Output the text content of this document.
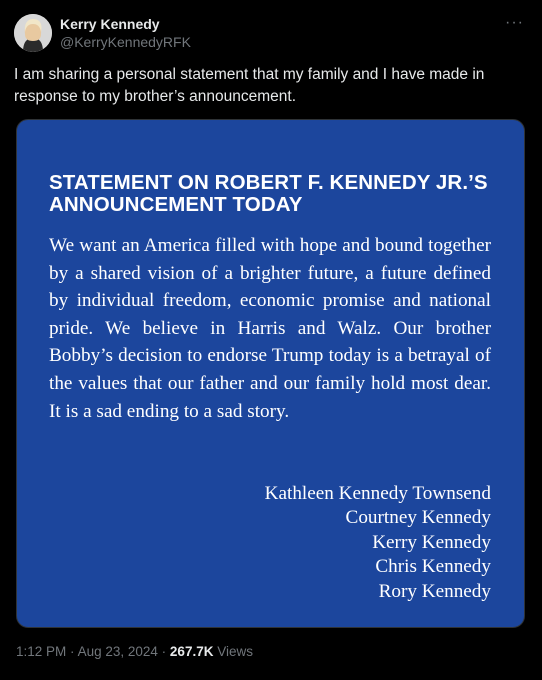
Kerry Kennedy
@KerryKennedyRFK
···
I am sharing a personal statement that my family and I have made in response to my brother’s announcement.
STATEMENT ON ROBERT F. KENNEDY JR.’S ANNOUNCEMENT TODAY
We want an America filled with hope and bound together by a shared vision of a brighter future, a future defined by individual freedom, economic promise and national pride. We believe in Harris and Walz. Our brother Bobby’s decision to endorse Trump today is a betrayal of the values that our father and our family hold most dear. It is a sad ending to a sad story.
Kathleen Kennedy Townsend
Courtney Kennedy
Kerry Kennedy
Chris Kennedy
Rory Kennedy
1:12 PM · Aug 23, 2024 · 267.7K Views
